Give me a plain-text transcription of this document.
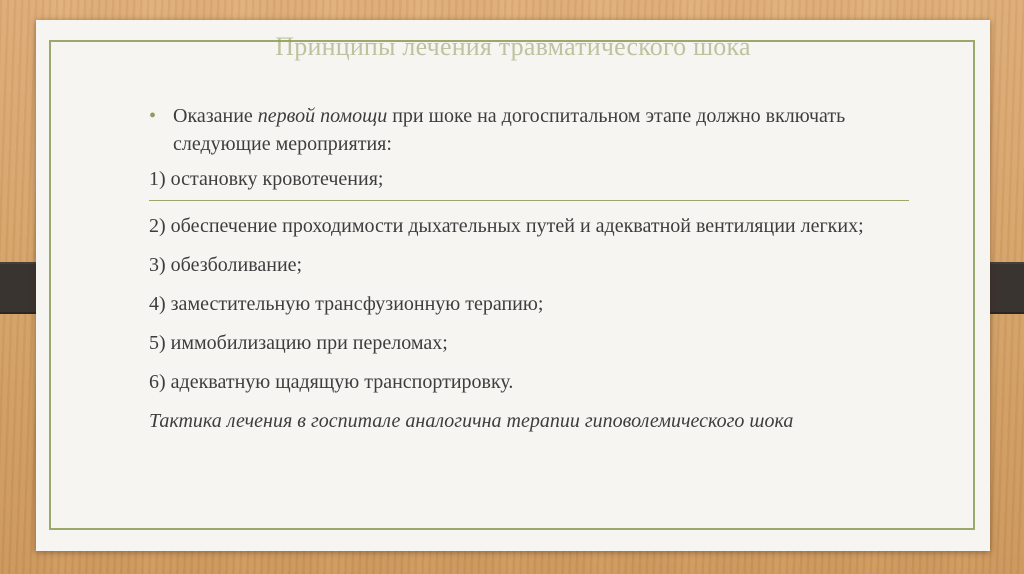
Принципы лечения травматического шока
• Оказание первой помощи при шоке на догоспитальном этапе должно включать следующие мероприятия:
1) остановку кровотечения;
2) обеспечение проходимости дыхательных путей и адекватной вентиляции легких;
3) обезболивание;
4) заместительную трансфузионную терапию;
5) иммобилизацию при переломах;
6) адекватную щадящую транспортировку.
Тактика лечения в госпитале аналогична терапии гиповолемического шока
